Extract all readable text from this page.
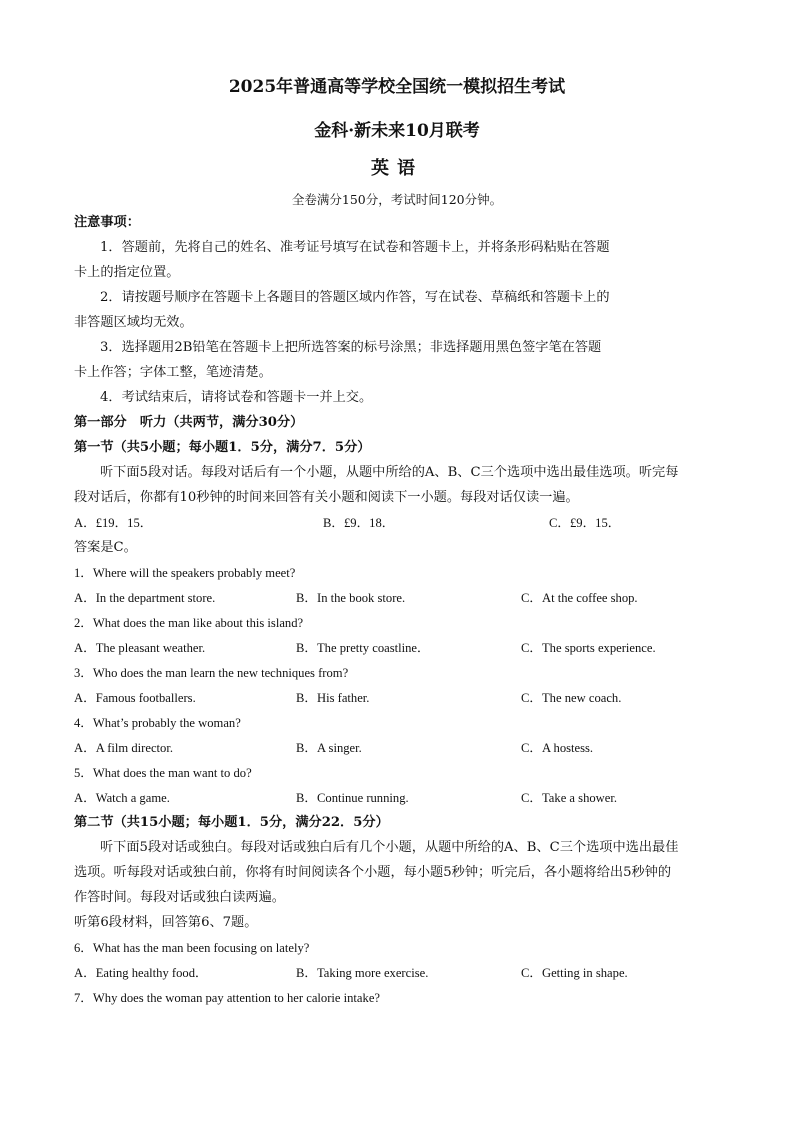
2025年普通高等学校全国统一模拟招生考试
金科·新未来10月联考
英语
全卷满分150分，考试时间120分钟。
注意事项：
1．答题前，先将自己的姓名、准考证号填写在试卷和答题卡上，并将条形码粘贴在答题
卡上的指定位置。
2．请按题号顺序在答题卡上各题目的答题区域内作答，写在试卷、草稿纸和答题卡上的
非答题区域均无效。
3．选择题用2B铅笔在答题卡上把所选答案的标号涂黑；非选择题用黑色签字笔在答题
卡上作答；字体工整，笔迹清楚。
4．考试结束后，请将试卷和答题卡一并上交。
第一部分　听力（共两节，满分30分）
第一节（共5小题；每小题1．5分，满分7．5分）
听下面5段对话。每段对话后有一个小题，从题中所给的A、B、C三个选项中选出最佳选项。听完每
段对话后，你都有10秒钟的时间来回答有关小题和阅读下一小题。每段对话仅读一遍。
A．£19．15．	B．£9．18．	C．£9．15．
答案是C。
1．Where will the speakers probably meet?
A．In the department store.	B．In the book store.	C．At the coffee shop.
2．What does the man like about this island?
A．The pleasant weather.	B．The pretty coastline．	C．The sports experience.
3．Who does the man learn the new techniques from?
A．Famous footballers.	B．His father.	C．The new coach.
4．What’s probably the woman?
A．A film director.	B．A singer.	C．A hostess.
5．What does the man want to do?
A．Watch a game.	B．Continue running.	C．Take a shower.
第二节（共15小题；每小题1．5分，满分22．5分）
听下面5段对话或独白。每段对话或独白后有几个小题，从题中所给的A、B、C三个选项中选出最佳
选项。听每段对话或独白前，你将有时间阅读各个小题，每小题5秒钟；听完后，各小题将给出5秒钟的
作答时间。每段对话或独白读两遍。
听第6段材料，回答第6、7题。
6．What has the man been focusing on lately?
A．Eating healthy food．	B．Taking more exercise.	C．Getting in shape.
7．Why does the woman pay attention to her calorie intake?
